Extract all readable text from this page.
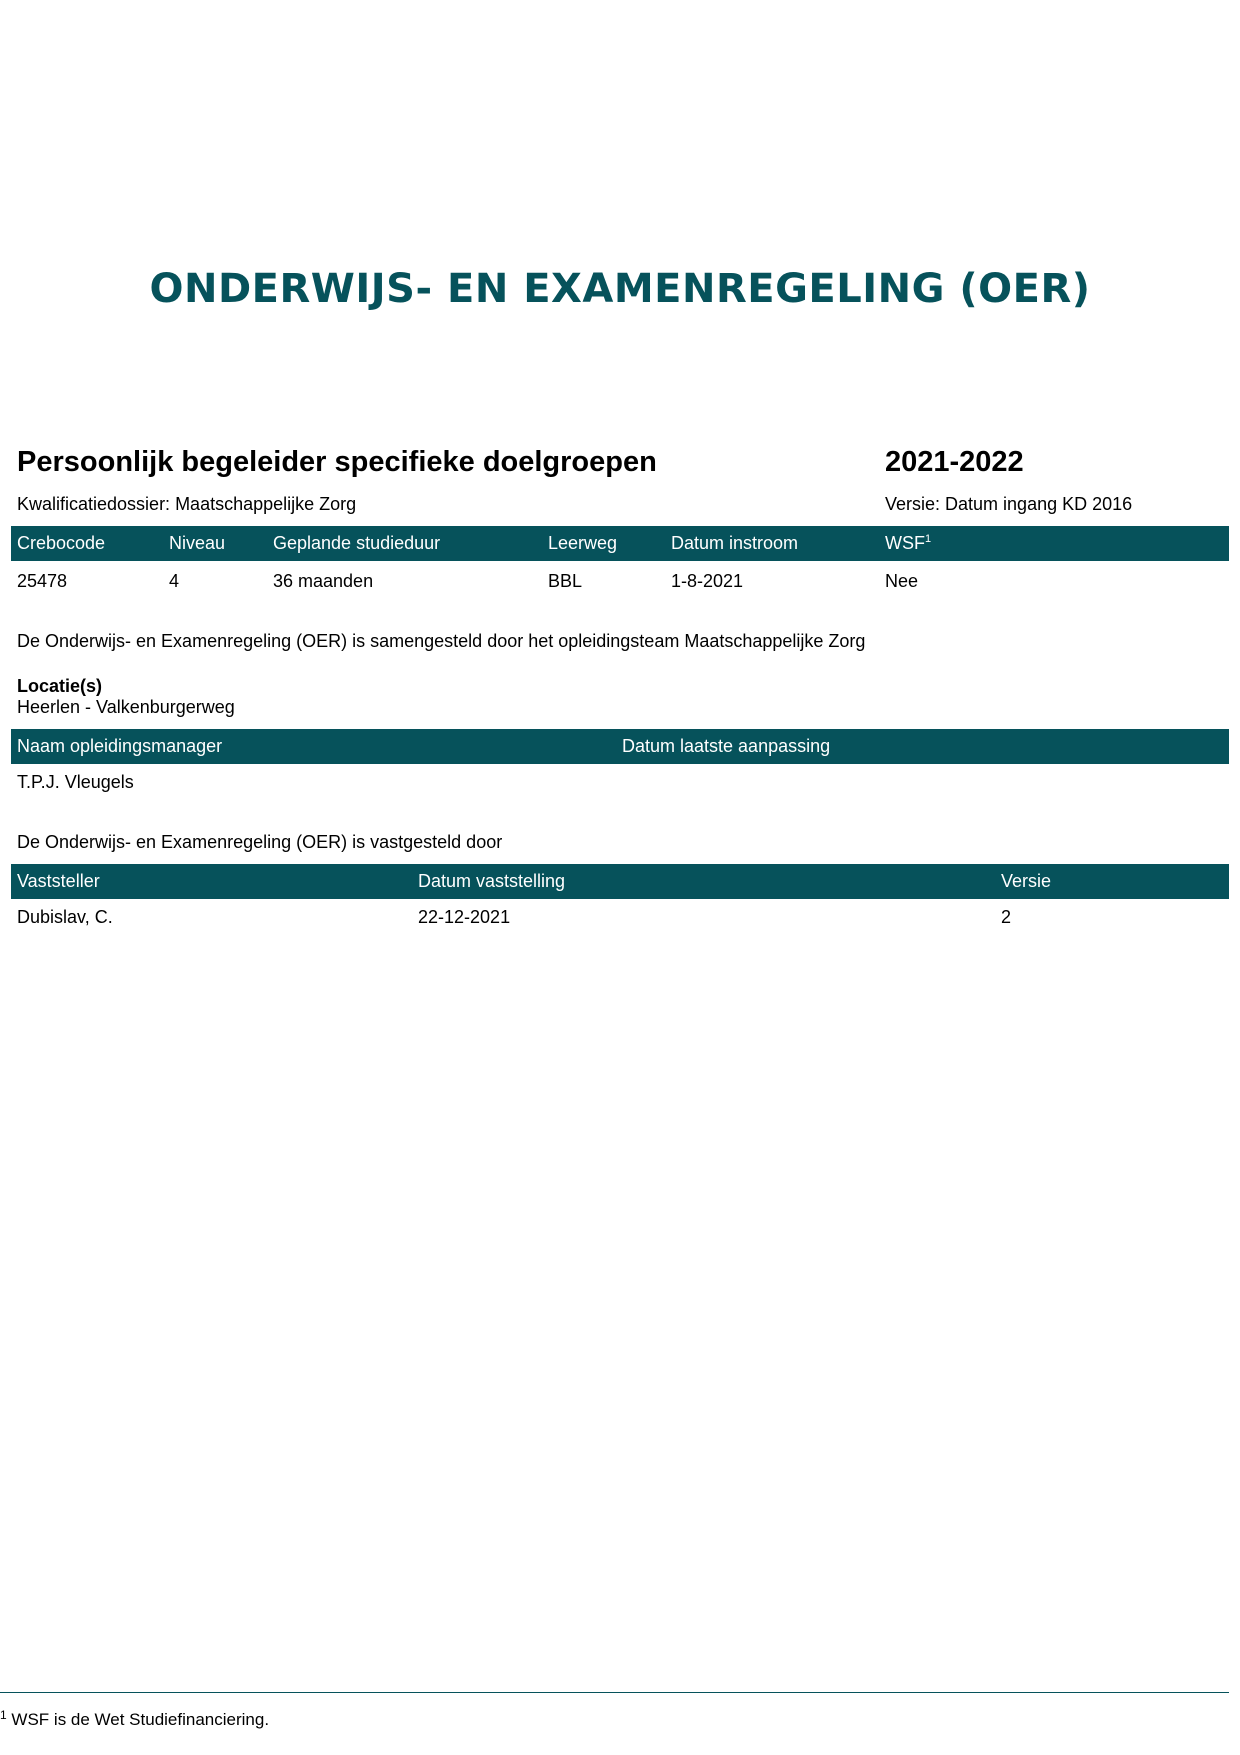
ONDERWIJS- EN EXAMENREGELING (OER)
Persoonlijk begeleider specifieke doelgroepen	2021-2022
Kwalificatiedossier: Maatschappelijke Zorg	Versie: Datum ingang KD 2016
Crebocode	Niveau	Geplande studieduur	Leerweg	Datum instroom	WSF$^1$
25478	4	36 maanden	BBL	1-8-2021	Nee
De Onderwijs- en Examenregeling (OER) is samengesteld door het opleidingsteam Maatschappelijke Zorg
Locatie(s)
Heerlen - Valkenburgerweg
Naam opleidingsmanager	Datum laatste aanpassing
T.P.J. Vleugels
De Onderwijs- en Examenregeling (OER) is vastgesteld door
Vaststeller	Datum vaststelling	Versie
Dubislav, C.	22-12-2021	2
$^1$ WSF is de Wet Studiefinanciering.
